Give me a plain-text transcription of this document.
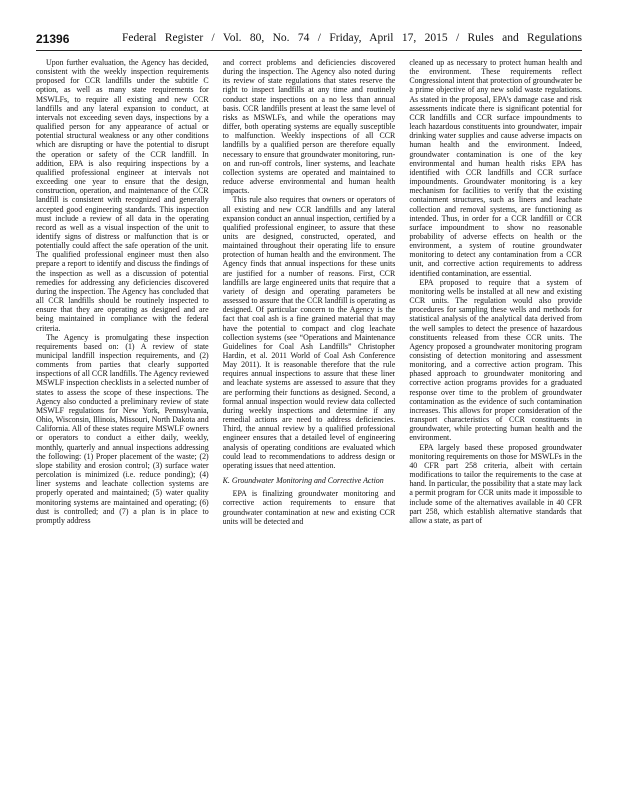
21396	Federal Register / Vol. 80, No. 74 / Friday, April 17, 2015 / Rules and Regulations

Upon further evaluation, the Agency has decided, consistent with the weekly inspection requirements proposed for CCR landfills under the subtitle C option, as well as many state requirements for MSWLFs, to require all existing and new CCR landfills and any lateral expansion to conduct, at intervals not exceeding seven days, inspections by a qualified person for any appearance of actual or potential structural weakness or any other conditions which are disrupting or have the potential to disrupt the operation or safety of the CCR landfill. In addition, EPA is also requiring inspections by a qualified professional engineer at intervals not exceeding one year to ensure that the design, construction, operation, and maintenance of the CCR landfill is consistent with recognized and generally accepted good engineering standards. This inspection must include a review of all data in the operating record as well as a visual inspection of the unit to identify signs of distress or malfunction that is or potentially could affect the safe operation of the unit. The qualified professional engineer must then also prepare a report to identify and discuss the findings of the inspection as well as a discussion of potential remedies for addressing any deficiencies discovered during the inspection. The Agency has concluded that all CCR landfills should be routinely inspected to ensure that they are operating as designed and are being maintained in compliance with the federal criteria.

The Agency is promulgating these inspection requirements based on: (1) A review of state municipal landfill inspection requirements, and (2) comments from parties that clearly supported inspections of all CCR landfills. The Agency reviewed MSWLF inspection checklists in a selected number of states to assess the scope of these inspections. The Agency also conducted a preliminary review of state MSWLF regulations for New York, Pennsylvania, Ohio, Wisconsin, Illinois, Missouri, North Dakota and California. All of these states require MSWLF owners or operators to conduct a either daily, weekly, monthly, quarterly and annual inspections addressing the following: (1) Proper placement of the waste; (2) slope stability and erosion control; (3) surface water percolation is minimized (i.e. reduce ponding); (4) liner systems and leachate collection systems are properly operated and maintained; (5) water quality monitoring systems are maintained and operating; (6) dust is controlled; and (7) a plan is in place to promptly address

and correct problems and deficiencies discovered during the inspection. The Agency also noted during its review of state regulations that states reserve the right to inspect landfills at any time and routinely conduct state inspections on a no less than annual basis. CCR landfills present at least the same level of risks as MSWLFs, and while the operations may differ, both operating systems are equally susceptible to malfunction. Weekly inspections of all CCR landfills by a qualified person are therefore equally necessary to ensure that groundwater monitoring, run-on and run-off controls, liner systems, and leachate collection systems are operated and maintained to reduce adverse environmental and human health impacts.

This rule also requires that owners or operators of all existing and new CCR landfills and any lateral expansion conduct an annual inspection, certified by a qualified professional engineer, to assure that these units are designed, constructed, operated, and maintained throughout their operating life to ensure protection of human health and the environment. The Agency finds that annual inspections for these units are justified for a number of reasons. First, CCR landfills are large engineered units that require that a variety of design and operating parameters be assessed to assure that the CCR landfill is operating as designed. Of particular concern to the Agency is the fact that coal ash is a fine grained material that may have the potential to compact and clog leachate collection systems (see “Operations and Maintenance Guidelines for Coal Ash Landfills” Christopher Hardin, et al. 2011 World of Coal Ash Conference May 2011). It is reasonable therefore that the rule requires annual inspections to assure that these liner and leachate systems are assessed to assure that they are performing their functions as designed. Second, a formal annual inspection would review data collected during weekly inspections and determine if any remedial actions are need to address deficiencies. Third, the annual review by a qualified professional engineer ensures that a detailed level of engineering analysis of operating conditions are evaluated which could lead to recommendations to address design or operating issues that need attention.

K. Groundwater Monitoring and Corrective Action

EPA is finalizing groundwater monitoring and corrective action requirements to ensure that groundwater contamination at new and existing CCR units will be detected and

cleaned up as necessary to protect human health and the environment. These requirements reflect Congressional intent that protection of groundwater be a prime objective of any new solid waste regulations. As stated in the proposal, EPA’s damage case and risk assessments indicate there is significant potential for CCR landfills and CCR surface impoundments to leach hazardous constituents into groundwater, impair drinking water supplies and cause adverse impacts on human health and the environment. Indeed, groundwater contamination is one of the key environmental and human health risks EPA has identified with CCR landfills and CCR surface impoundments. Groundwater monitoring is a key mechanism for facilities to verify that the existing containment structures, such as liners and leachate collection and removal systems, are functioning as intended. Thus, in order for a CCR landfill or CCR surface impoundment to show no reasonable probability of adverse effects on health or the environment, a system of routine groundwater monitoring to detect any contamination from a CCR unit, and corrective action requirements to address identified contamination, are essential.

EPA proposed to require that a system of monitoring wells be installed at all new and existing CCR units. The regulation would also provide procedures for sampling these wells and methods for statistical analysis of the analytical data derived from the well samples to detect the presence of hazardous constituents released from these CCR units. The Agency proposed a groundwater monitoring program consisting of detection monitoring and assessment monitoring, and a corrective action program. This phased approach to groundwater monitoring and corrective action programs provides for a graduated response over time to the problem of groundwater contamination as the evidence of such contamination increases. This allows for proper consideration of the transport characteristics of CCR constituents in groundwater, while protecting human health and the environment.

EPA largely based these proposed groundwater monitoring requirements on those for MSWLFs in the 40 CFR part 258 criteria, albeit with certain modifications to tailor the requirements to the case at hand. In particular, the possibility that a state may lack a permit program for CCR units made it impossible to include some of the alternatives available in 40 CFR part 258, which establish alternative standards that allow a state, as part of
